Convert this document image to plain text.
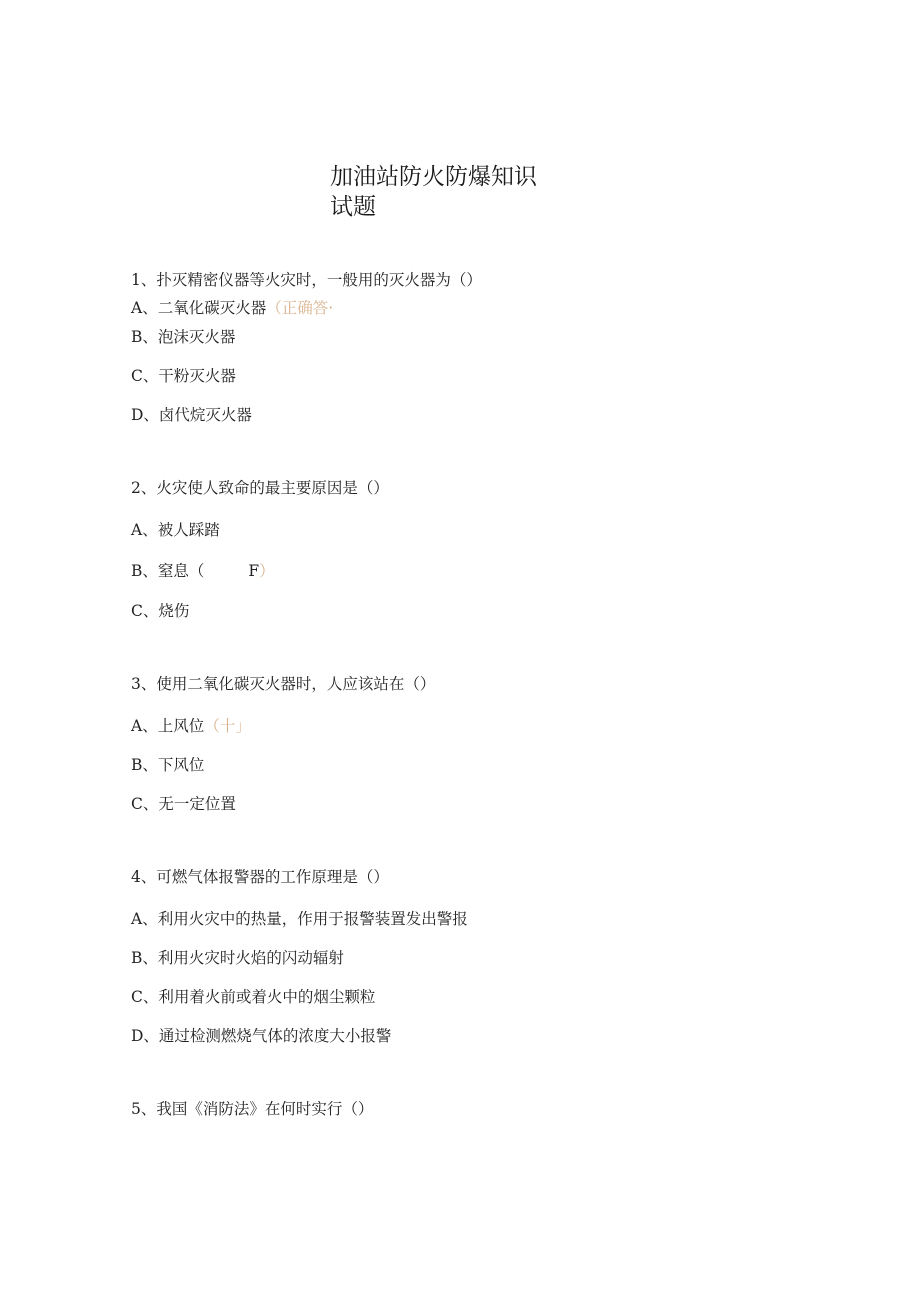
加油站防火防爆知识
试题
1、扑灭精密仪器等火灾时，一般用的灭火器为（）
A、二氧化碳灭火器（正确答·
B、泡沫灭火器
C、干粉灭火器
D、卤代烷灭火器
2、火灾使人致命的最主要原因是（）
A、被人踩踏
B、窒息（	F）
C、烧伤
3、使用二氧化碳灭火器时，人应该站在（）
A、上风位（十」
B、下风位
C、无一定位置
4、可燃气体报警器的工作原理是（）
A、利用火灾中的热量，作用于报警装置发出警报
B、利用火灾时火焰的闪动辐射
C、利用着火前或着火中的烟尘颗粒
D、通过检测燃烧气体的浓度大小报警
5、我国《消防法》在何时实行（）
